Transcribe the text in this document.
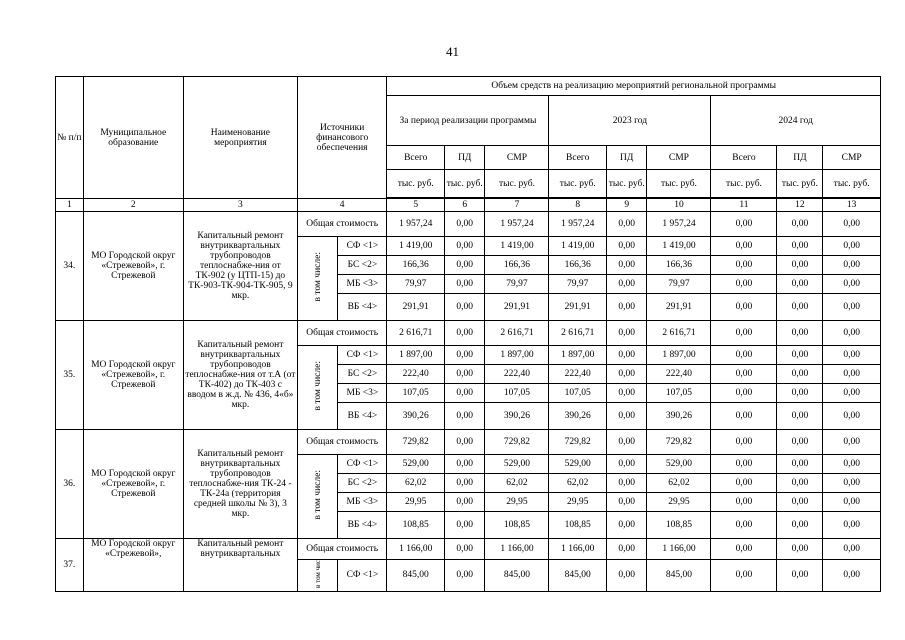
41
№ п/п	Муниципальное образование	Наименование мероприятия	Источники финансового обеспечения		Объем средств на реализацию мероприятий региональной программы								
					За период реализации программы			2023 год			2024 год		
					Всего	ПД	СМР	Всего	ПД	СМР	Всего	ПД	СМР
					тыс. руб.	тыс. руб.	тыс. руб.	тыс. руб.	тыс. руб.	тыс. руб.	тыс. руб.	тыс. руб.	тыс. руб.

1	2	3	4		5	6	7	8	9	10	11	12	13
34.	МО Городской округ «Стрежевой», г. Стрежевой	Капитальный ремонт внутриквартальных трубопроводов теплоснабже-ния от ТК-902 (у ЦТП-15) до ТК-903-ТК-904-ТК-905, 9 мкр.	Общая стоимость		1 957,24	0,00	1 957,24	1 957,24	0,00	1 957,24	0,00	0,00	0,00
			в том числе:	СФ <1>	1 419,00	0,00	1 419,00	1 419,00	0,00	1 419,00	0,00	0,00	0,00
				БС <2>	166,36	0,00	166,36	166,36	0,00	166,36	0,00	0,00	0,00
				МБ <3>	79,97	0,00	79,97	79,97	0,00	79,97	0,00	0,00	0,00
				ВБ <4>	291,91	0,00	291,91	291,91	0,00	291,91	0,00	0,00	0,00
35.	МО Городской округ «Стрежевой», г. Стрежевой	Капитальный ремонт внутриквартальных трубопроводов теплоснабже-ния от т.А (от ТК-402) до ТК-403 с вводом в ж.д. № 436, 4«б» мкр.	Общая стоимость		2 616,71	0,00	2 616,71	2 616,71	0,00	2 616,71	0,00	0,00	0,00
			в том числе:	СФ <1>	1 897,00	0,00	1 897,00	1 897,00	0,00	1 897,00	0,00	0,00	0,00
				БС <2>	222,40	0,00	222,40	222,40	0,00	222,40	0,00	0,00	0,00
				МБ <3>	107,05	0,00	107,05	107,05	0,00	107,05	0,00	0,00	0,00
				ВБ <4>	390,26	0,00	390,26	390,26	0,00	390,26	0,00	0,00	0,00
36.	МО Городской округ «Стрежевой», г. Стрежевой	Капитальный ремонт внутриквартальных трубопроводов теплоснабже-ния ТК-24 - ТК-24а (территория средней школы № 3), 3 мкр.	Общая стоимость		729,82	0,00	729,82	729,82	0,00	729,82	0,00	0,00	0,00
			в том числе:	СФ <1>	529,00	0,00	529,00	529,00	0,00	529,00	0,00	0,00	0,00
				БС <2>	62,02	0,00	62,02	62,02	0,00	62,02	0,00	0,00	0,00
				МБ <3>	29,95	0,00	29,95	29,95	0,00	29,95	0,00	0,00	0,00
				ВБ <4>	108,85	0,00	108,85	108,85	0,00	108,85	0,00	0,00	0,00
37.	МО Городской округ «Стрежевой»,	Капитальный ремонт внутриквартальных	Общая стоимость		1 166,00	0,00	1 166,00	1 166,00	0,00	1 166,00	0,00	0,00	0,00
			в том чис	СФ <1>	845,00	0,00	845,00	845,00	0,00	845,00	0,00	0,00	0,00
